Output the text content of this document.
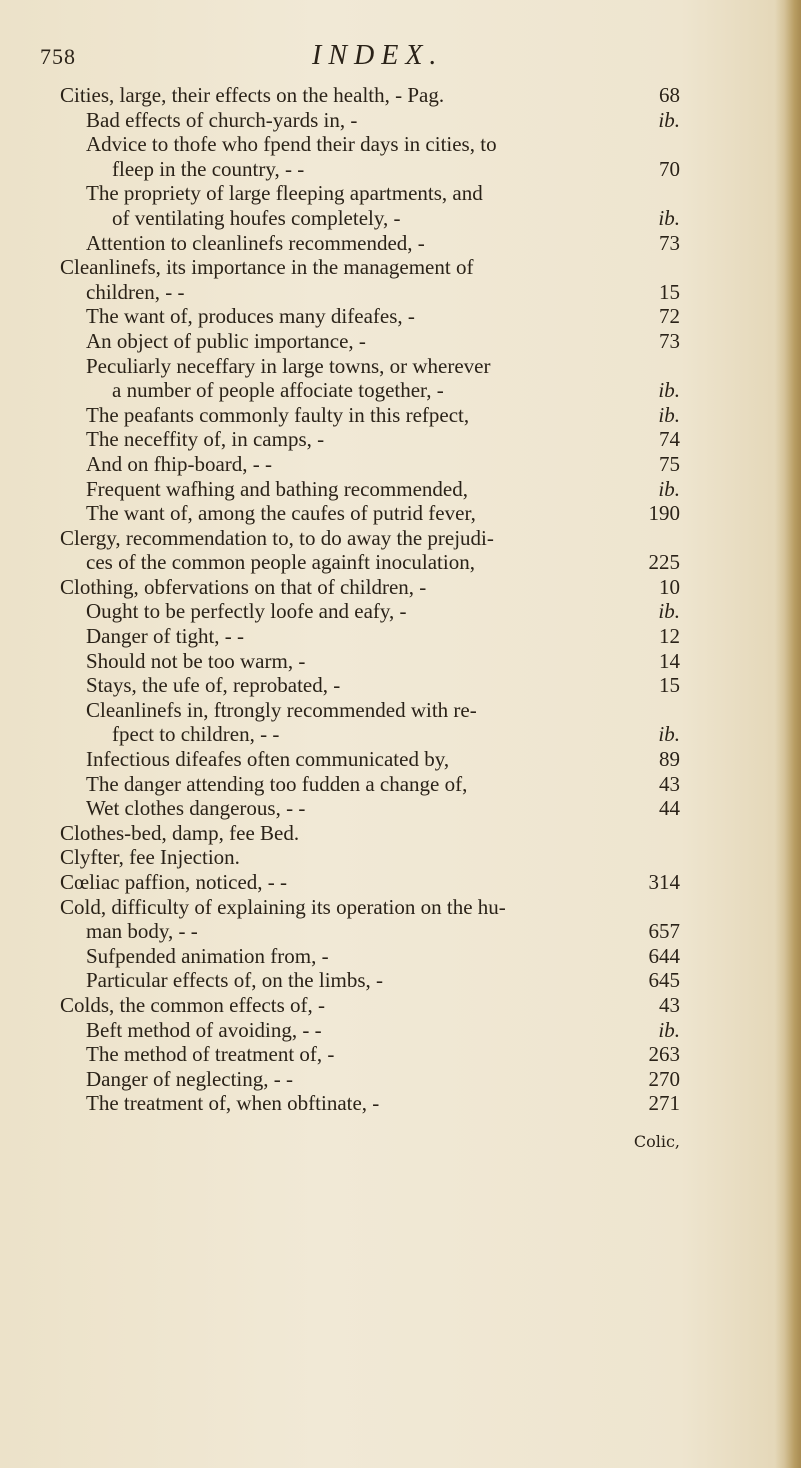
758	INDEX.
Cities, large, their effects on the health, - Pag.	68
Bad effects of church-yards in, -	ib.
Advice to thofe who fpend their days in cities, to
fleep in the country, - -	70
The propriety of large fleeping apartments, and
of ventilating houfes completely, -	ib.
Attention to cleanlinefs recommended, -	73
Cleanlinefs, its importance in the management of
children, - -	15
The want of, produces many difeafes, -	72
An object of public importance, -	73
Peculiarly neceffary in large towns, or wherever
a number of people affociate together, -	ib.
The peafants commonly faulty in this refpect,	ib.
The neceffity of, in camps, -	74
And on fhip-board, - -	75
Frequent wafhing and bathing recommended,	ib.
The want of, among the caufes of putrid fever,	190
Clergy, recommendation to, to do away the prejudi-
ces of the common people againft inoculation,	225
Clothing, obfervations on that of children, -	10
Ought to be perfectly loofe and eafy, -	ib.
Danger of tight, - -	12
Should not be too warm, -	14
Stays, the ufe of, reprobated, -	15
Cleanlinefs in, ftrongly recommended with re-
fpect to children, - -	ib.
Infectious difeafes often communicated by,	89
The danger attending too fudden a change of,	43
Wet clothes dangerous, - -	44
Clothes-bed, damp, fee Bed.
Clyfter, fee Injection.
Cœliac paffion, noticed, - -	314
Cold, difficulty of explaining its operation on the hu-
man body, - -	657
Sufpended animation from, -	644
Particular effects of, on the limbs, -	645
Colds, the common effects of, -	43
Beft method of avoiding, - -	ib.
The method of treatment of, -	263
Danger of neglecting, - -	270
The treatment of, when obftinate, -	271
Colic,
